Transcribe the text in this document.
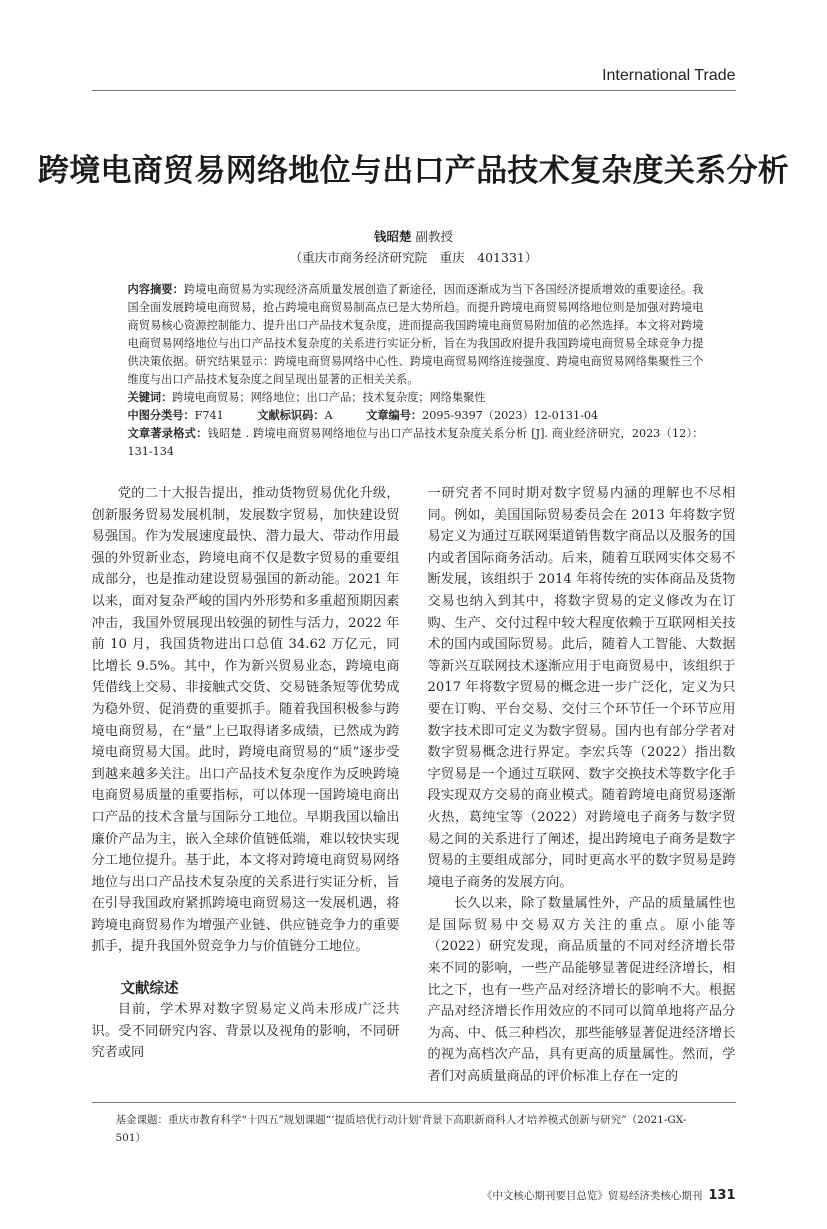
International Trade
跨境电商贸易网络地位与出口产品技术复杂度关系分析
钱昭楚 副教授
（重庆市商务经济研究院　重庆　401331）
内容摘要：跨境电商贸易为实现经济高质量发展创造了新途径，因而逐渐成为当下各国经济提质增效的重要途径。我国全面发展跨境电商贸易，抢占跨境电商贸易制高点已是大势所趋。而提升跨境电商贸易网络地位则是加强对跨境电商贸易核心资源控制能力、提升出口产品技术复杂度，进而提高我国跨境电商贸易附加值的必然选择。本文将对跨境电商贸易网络地位与出口产品技术复杂度的关系进行实证分析，旨在为我国政府提升我国跨境电商贸易全球竞争力提供决策依据。研究结果显示：跨境电商贸易网络中心性、跨境电商贸易网络连接强度、跨境电商贸易网络集聚性三个维度与出口产品技术复杂度之间呈现出显著的正相关关系。
关键词：跨境电商贸易；网络地位；出口产品；技术复杂度；网络集聚性
中图分类号：F741	文献标识码：A	文章编号：2095-9397（2023）12-0131-04
文章著录格式：钱昭楚 . 跨境电商贸易网络地位与出口产品技术复杂度关系分析 [J]. 商业经济研究，2023（12）：131-134

党的二十大报告提出，推动货物贸易优化升级，创新服务贸易发展机制，发展数字贸易，加快建设贸易强国。作为发展速度最快、潜力最大、带动作用最强的外贸新业态，跨境电商不仅是数字贸易的重要组成部分，也是推动建设贸易强国的新动能。2021 年以来，面对复杂严峻的国内外形势和多重超预期因素冲击，我国外贸展现出较强的韧性与活力，2022 年前 10 月，我国货物进出口总值 34.62 万亿元，同比增长 9.5%。其中，作为新兴贸易业态，跨境电商凭借线上交易、非接触式交货、交易链条短等优势成为稳外贸、促消费的重要抓手。随着我国积极参与跨境电商贸易，在“量”上已取得诸多成绩，已然成为跨境电商贸易大国。此时，跨境电商贸易的“质”逐步受到越来越多关注。出口产品技术复杂度作为反映跨境电商贸易质量的重要指标，可以体现一国跨境电商出口产品的技术含量与国际分工地位。早期我国以输出廉价产品为主，嵌入全球价值链低端，难以较快实现分工地位提升。基于此，本文将对跨境电商贸易网络地位与出口产品技术复杂度的关系进行实证分析，旨在引导我国政府紧抓跨境电商贸易这一发展机遇，将跨境电商贸易作为增强产业链、供应链竞争力的重要抓手，提升我国外贸竞争力与价值链分工地位。

文献综述

目前，学术界对数字贸易定义尚未形成广泛共识。受不同研究内容、背景以及视角的影响，不同研究者或同

一研究者不同时期对数字贸易内涵的理解也不尽相同。例如，美国国际贸易委员会在 2013 年将数字贸易定义为通过互联网渠道销售数字商品以及服务的国内或者国际商务活动。后来，随着互联网实体交易不断发展，该组织于 2014 年将传统的实体商品及货物交易也纳入到其中，将数字贸易的定义修改为在订购、生产、交付过程中较大程度依赖于互联网相关技术的国内或国际贸易。此后，随着人工智能、大数据等新兴互联网技术逐渐应用于电商贸易中，该组织于 2017 年将数字贸易的概念进一步广泛化，定义为只要在订购、平台交易、交付三个环节任一个环节应用数字技术即可定义为数字贸易。国内也有部分学者对数字贸易概念进行界定。李宏兵等（2022）指出数字贸易是一个通过互联网、数字交换技术等数字化手段实现双方交易的商业模式。随着跨境电商贸易逐渐火热，葛纯宝等（2022）对跨境电子商务与数字贸易之间的关系进行了阐述，提出跨境电子商务是数字贸易的主要组成部分，同时更高水平的数字贸易是跨境电子商务的发展方向。

长久以来，除了数量属性外，产品的质量属性也是国际贸易中交易双方关注的重点。原小能等（2022）研究发现，商品质量的不同对经济增长带来不同的影响，一些产品能够显著促进经济增长，相比之下，也有一些产品对经济增长的影响不大。根据产品对经济增长作用效应的不同可以简单地将产品分为高、中、低三种档次，那些能够显著促进经济增长的视为高档次产品，具有更高的质量属性。然而，学者们对高质量商品的评价标准上存在一定的

基金课题：重庆市教育科学“十四五”规划课题“‘提质培优行动计划’背景下高职新商科人才培养模式创新与研究”（2021-GX-501）
《中文核心期刊要目总览》贸易经济类核心期刊 131
